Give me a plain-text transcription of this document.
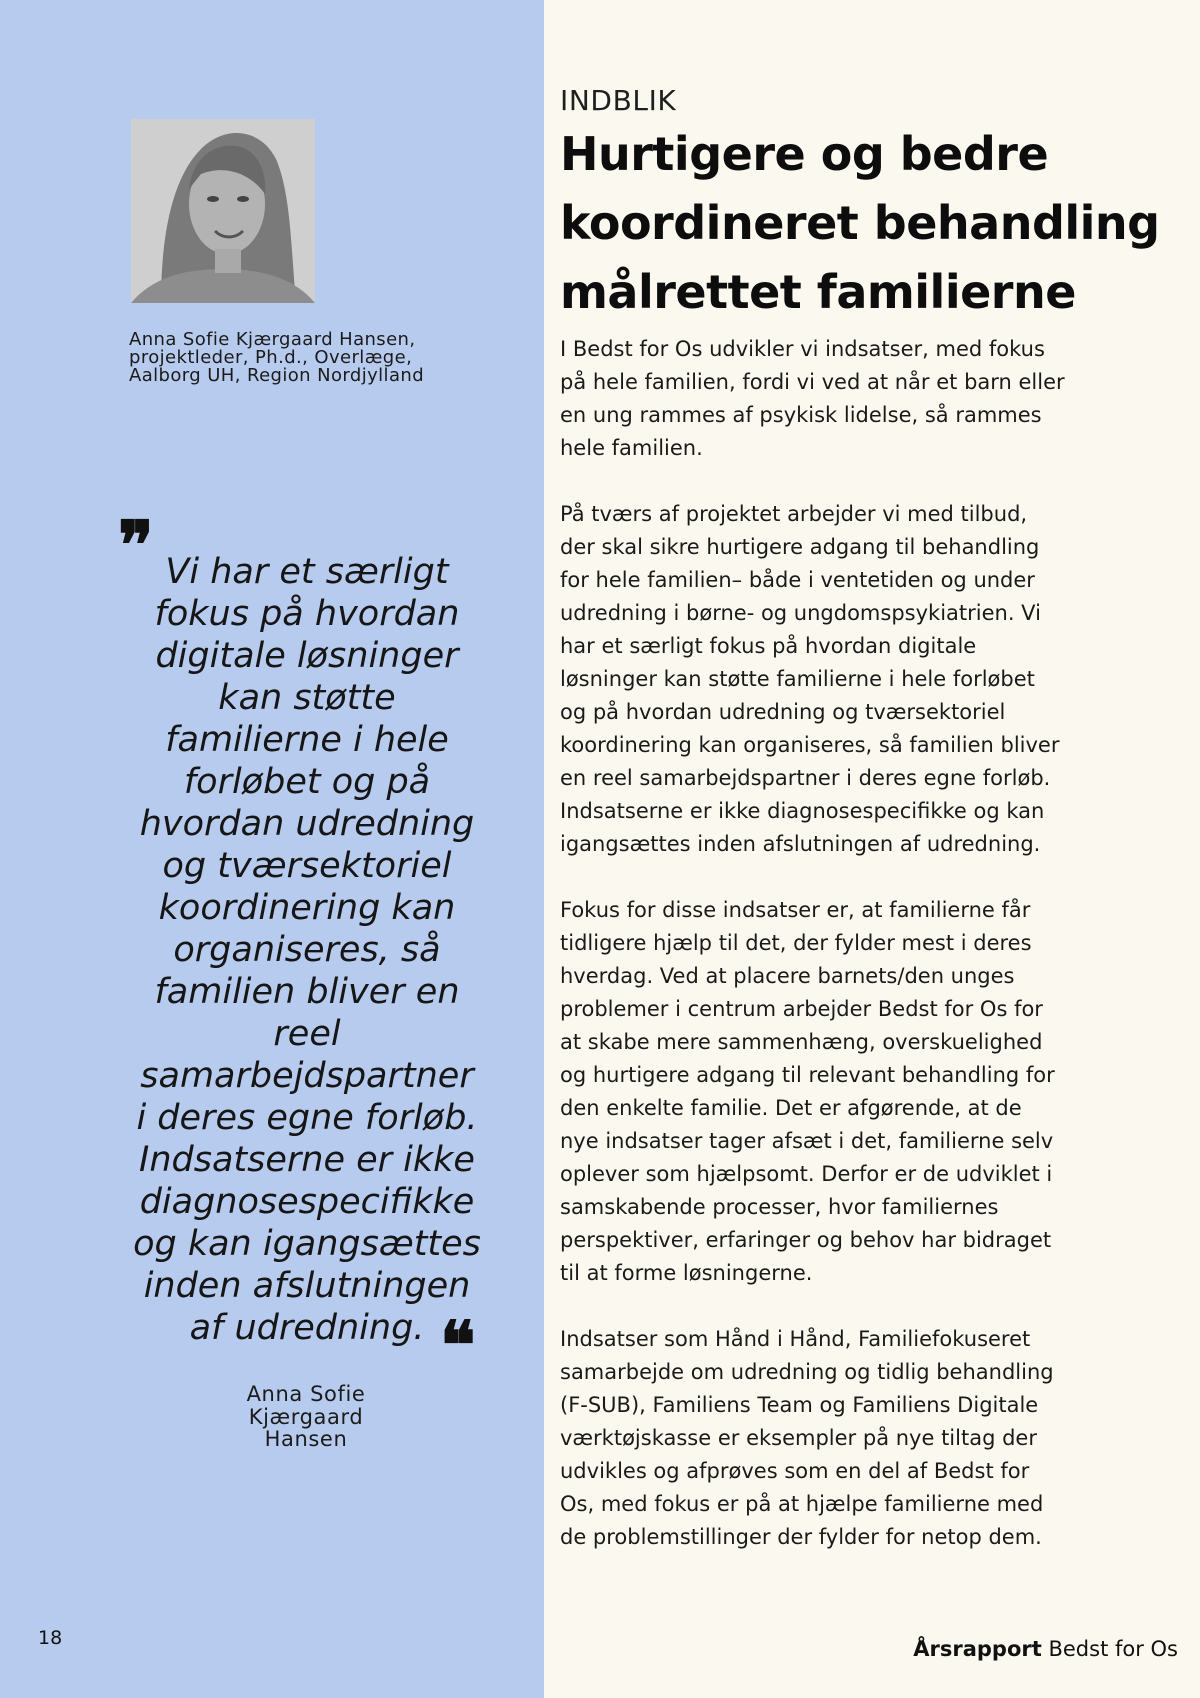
Anna Sofie Kjærgaard Hansen,
projektleder, Ph.d., Overlæge,
Aalborg UH, Region Nordjylland
❞ Vi har et særligt
fokus på hvordan
digitale løsninger
kan støtte
familierne i hele
forløbet og på
hvordan udredning
og tværsektoriel
koordinering kan
organiseres, så
familien bliver en
reel
samarbejdspartner
i deres egne forløb.
Indsatserne er ikke
diagnosespecifikke
og kan igangsættes
inden afslutningen
af udredning. ❝
Anna Sofie
Kjærgaard
Hansen
18
INDBLIK
Hurtigere og bedre
koordineret behandling
målrettet familierne
I Bedst for Os udvikler vi indsatser, med fokus
på hele familien, fordi vi ved at når et barn eller
en ung rammes af psykisk lidelse, så rammes
hele familien.
På tværs af projektet arbejder vi med tilbud,
der skal sikre hurtigere adgang til behandling
for hele familien– både i ventetiden og under
udredning i børne- og ungdomspsykiatrien. Vi
har et særligt fokus på hvordan digitale
løsninger kan støtte familierne i hele forløbet
og på hvordan udredning og tværsektoriel
koordinering kan organiseres, så familien bliver
en reel samarbejdspartner i deres egne forløb.
Indsatserne er ikke diagnosespecifikke og kan
igangsættes inden afslutningen af udredning.
Fokus for disse indsatser er, at familierne får
tidligere hjælp til det, der fylder mest i deres
hverdag. Ved at placere barnets/den unges
problemer i centrum arbejder Bedst for Os for
at skabe mere sammenhæng, overskuelighed
og hurtigere adgang til relevant behandling for
den enkelte familie. Det er afgørende, at de
nye indsatser tager afsæt i det, familierne selv
oplever som hjælpsomt. Derfor er de udviklet i
samskabende processer, hvor familiernes
perspektiver, erfaringer og behov har bidraget
til at forme løsningerne.
Indsatser som Hånd i Hånd, Familiefokuseret
samarbejde om udredning og tidlig behandling
(F-SUB), Familiens Team og Familiens Digitale
værktøjskasse er eksempler på nye tiltag der
udvikles og afprøves som en del af Bedst for
Os, med fokus er på at hjælpe familierne med
de problemstillinger der fylder for netop dem.
Årsrapport Bedst for Os
